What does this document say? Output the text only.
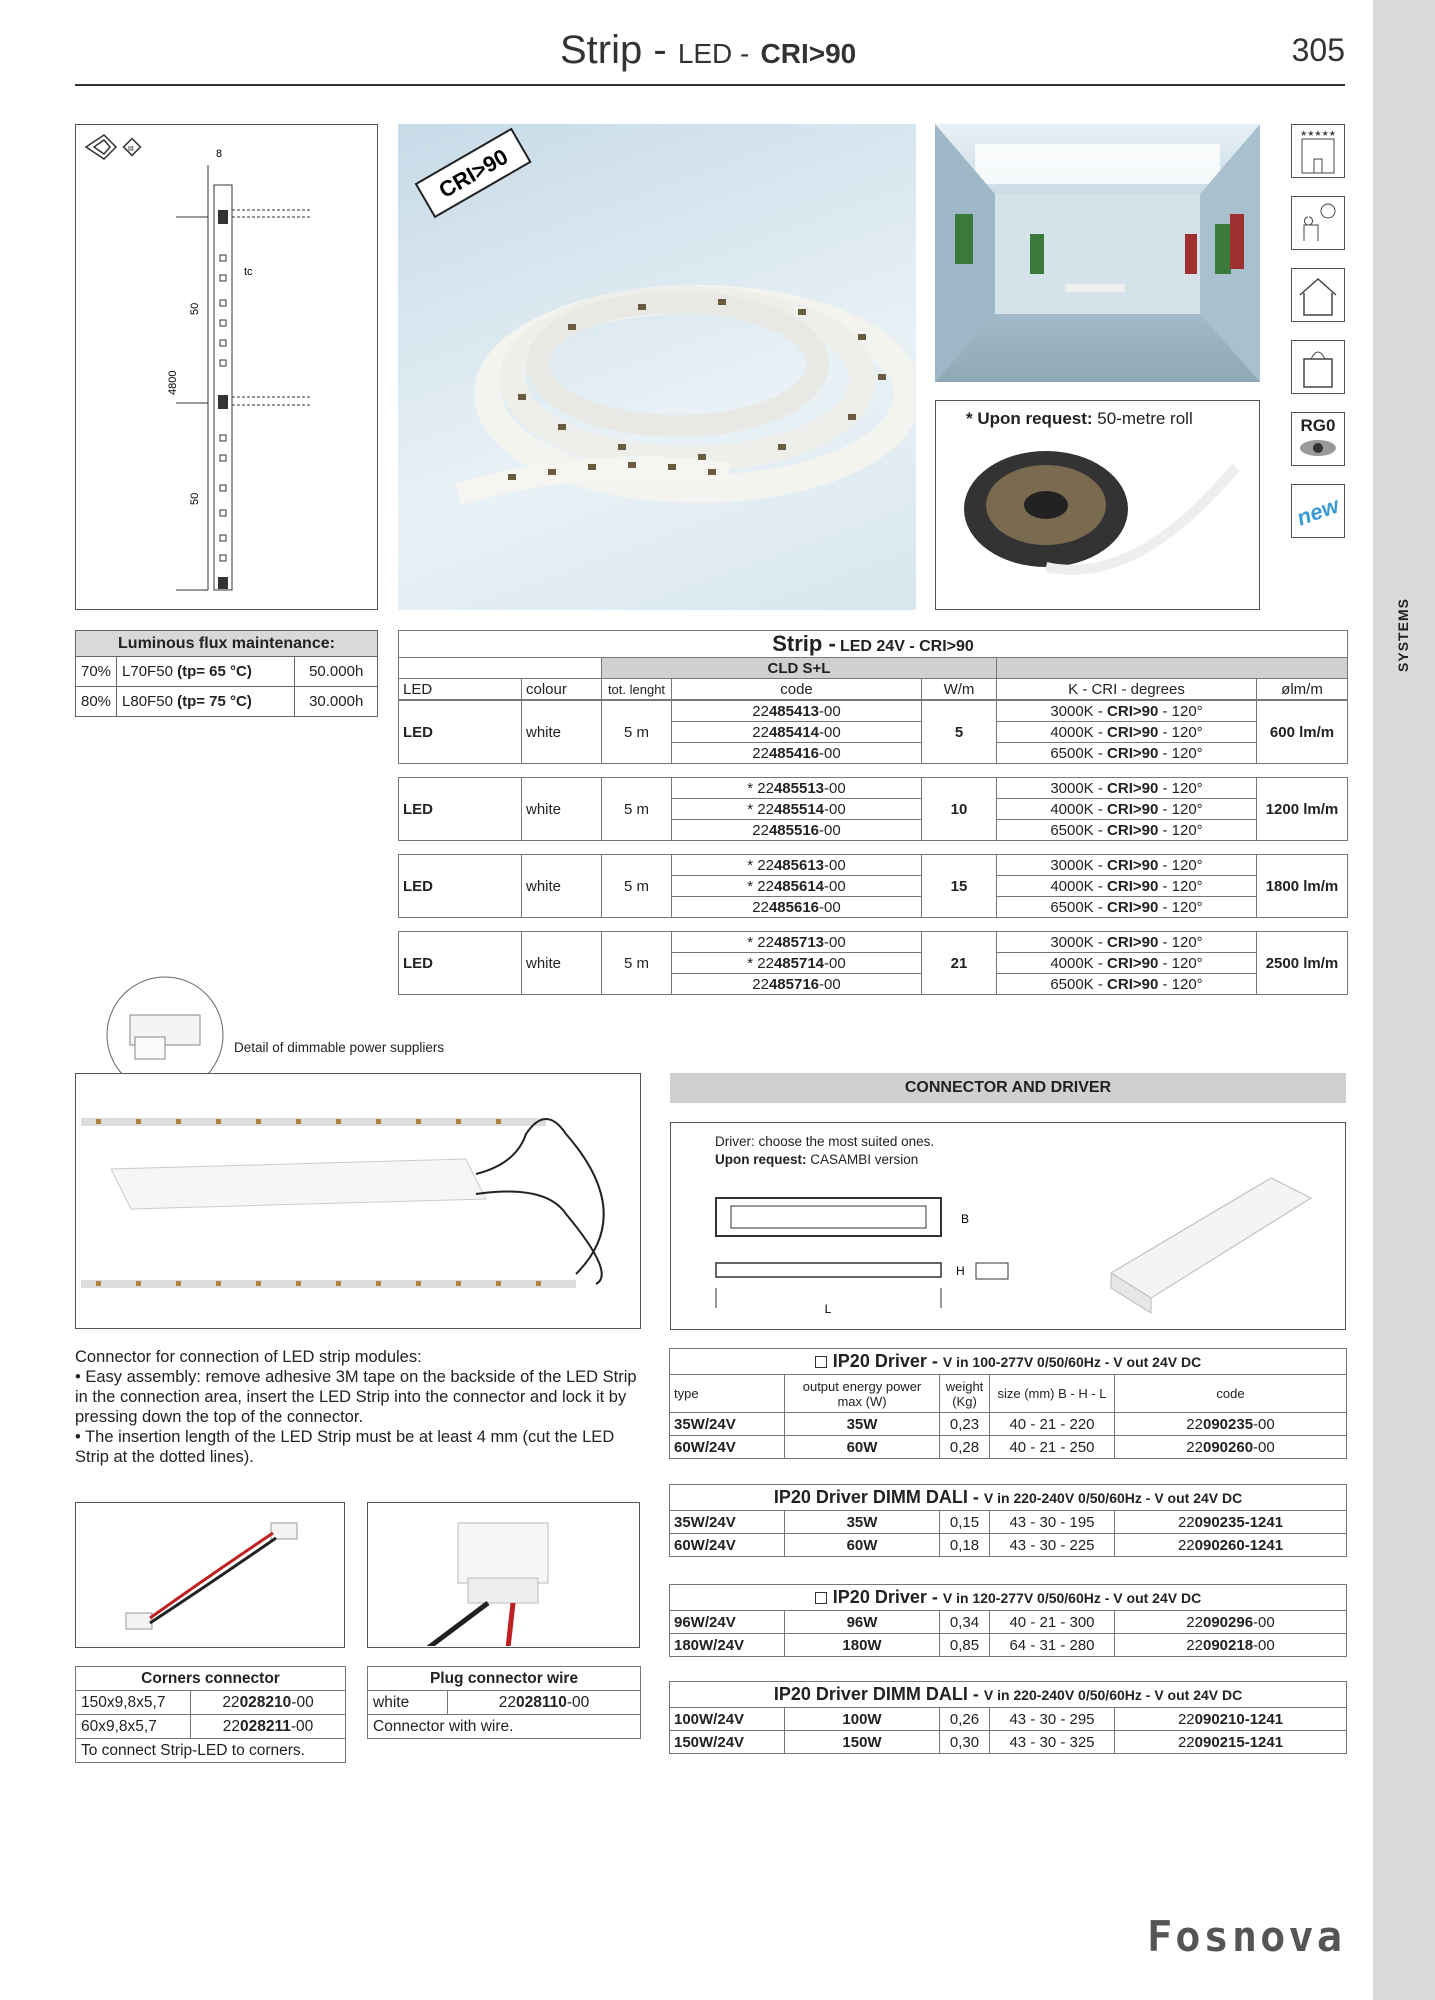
Strip - LED - CRI>90	305
SYSTEMS
III	8
tc
50
4800
50
CRI>90
* Upon request: 50-metre roll
★★★★★
RG0
new
Luminous flux maintenance:		
70%	L70F50 (tp= 65 °C)	50.000h
80%	L80F50 (tp= 75 °C)	30.000h
Strip - LED 24V - CRI>90						
		CLD S+L				
LED	colour	tot. lenght	code	W/m	K - CRI - degrees	ølm/m
LED	white	5 m	22485413-00	5	3000K - CRI>90 - 120°	600 lm/m
			22485414-00		4000K - CRI>90 - 120°	
			22485416-00		6500K - CRI>90 - 120°	
LED	white	5 m	* 22485513-00	10	3000K - CRI>90 - 120°	1200 lm/m
			* 22485514-00		4000K - CRI>90 - 120°	
			22485516-00		6500K - CRI>90 - 120°	
LED	white	5 m	* 22485613-00	15	3000K - CRI>90 - 120°	1800 lm/m
			* 22485614-00		4000K - CRI>90 - 120°	
			22485616-00		6500K - CRI>90 - 120°	
LED	white	5 m	* 22485713-00	21	3000K - CRI>90 - 120°	2500 lm/m
			* 22485714-00		4000K - CRI>90 - 120°	
			22485716-00		6500K - CRI>90 - 120°	
Detail of dimmable power suppliers
Connector for connection of LED strip modules:
• Easy assembly: remove adhesive 3M tape on the backside of the LED Strip in the connection area, insert the LED Strip into the connector and lock it by pressing down the top of the connector.
• The insertion length of the LED Strip must be at least 4 mm (cut the LED Strip at the dotted lines).
CONNECTOR AND DRIVER
Driver: choose the most suited ones.
Upon request: CASAMBI version
L
B
H
IP20 Driver - V in 100-277V 0/50/60Hz - V out 24V DC				
type	output energy power max (W)	weight (Kg)	size (mm) B - H - L	code
35W/24V	35W	0,23	40 - 21 - 220	22090235-00
60W/24V	60W	0,28	40 - 21 - 250	22090260-00
IP20 Driver DIMM DALI - V in 220-240V 0/50/60Hz - V out 24V DC				
35W/24V	35W	0,15	43 - 30 - 195	22090235-1241
60W/24V	60W	0,18	43 - 30 - 225	22090260-1241
IP20 Driver - V in 120-277V 0/50/60Hz - V out 24V DC				
96W/24V	96W	0,34	40 - 21 - 300	22090296-00
180W/24V	180W	0,85	64 - 31 - 280	22090218-00
IP20 Driver DIMM DALI - V in 220-240V 0/50/60Hz - V out 24V DC				
100W/24V	100W	0,26	43 - 30 - 295	22090210-1241
150W/24V	150W	0,30	43 - 30 - 325	22090215-1241
Corners connector	
150x9,8x5,7	22028210-00
60x9,8x5,7	22028211-00
To connect Strip-LED to corners.	
Plug connector wire
white	22028110-00
Connector with wire.
Fosnova
